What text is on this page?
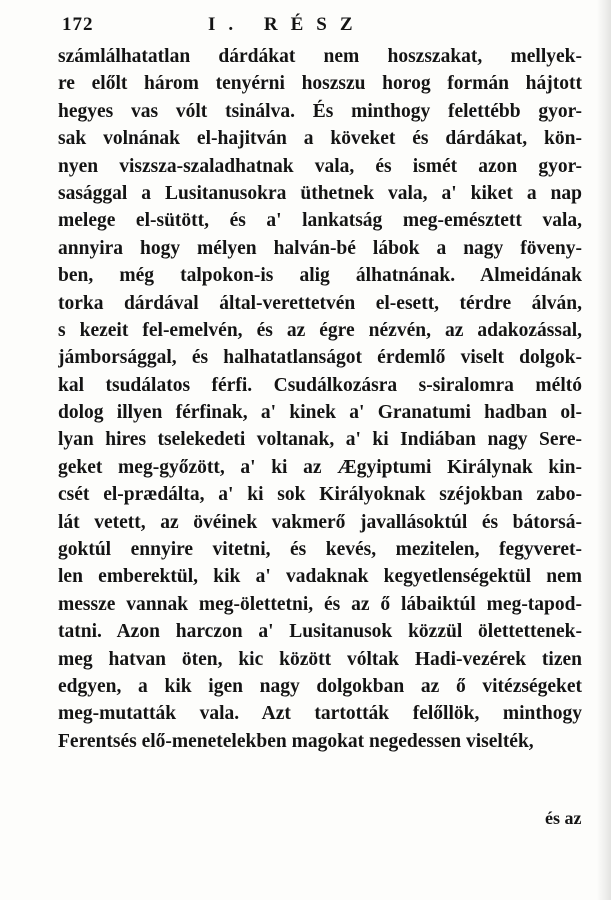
172	I. RÉSZ
számlálhatatlan dárdákat nem hoszszakat, mellyek-
re előlt három tenyérni hoszszu horog formán hájtott
hegyes vas vólt tsinálva. És minthogy felettébb gyor-
sak volnának el-hajitván a köveket és dárdákat, kön-
nyen viszsza-szaladhatnak vala, és ismét azon gyor-
sasággal a Lusitanusokra üthetnek vala, a' kiket a nap
melege el-sütött, és a' lankatság meg-emésztett vala,
annyira hogy mélyen halván-bé lábok a nagy föveny-
ben, még talpokon-is alig álhatnának. Almeidának
torka dárdával által-verettetvén el-esett, térdre álván,
s kezeit fel-emelvén, és az égre nézvén, az adakozással,
jámborsággal, és halhatatlanságot érdemlő viselt dolgok-
kal tsudálatos férfi. Csudálkozásra s-siralomra méltó
dolog illyen férfinak, a' kinek a' Granatumi hadban ol-
lyan hires tselekedeti voltanak, a' ki Indiában nagy Sere-
geket meg-győzött, a' ki az Ægyiptumi Királynak kin-
csét el-prædálta, a' ki sok Királyoknak széjokban zabo-
lát vetett, az övéinek vakmerő javallásoktúl és bátorsá-
goktúl ennyire vitetni, és kevés, mezitelen, fegyveret-
len emberektül, kik a' vadaknak kegyetlenségektül nem
messze vannak meg-ölettetni, és az ő lábaiktúl meg-tapod-
tatni. Azon harczon a' Lusitanusok közzül ölettettenek-
meg hatvan öten, kic között vóltak Hadi-vezérek tizen
edgyen, a kik igen nagy dolgokban az ő vitézségeket
meg-mutatták vala. Azt tartották felőllök, minthogy
Ferentsés elő-menetelekben magokat negedessen viselték,
és az
